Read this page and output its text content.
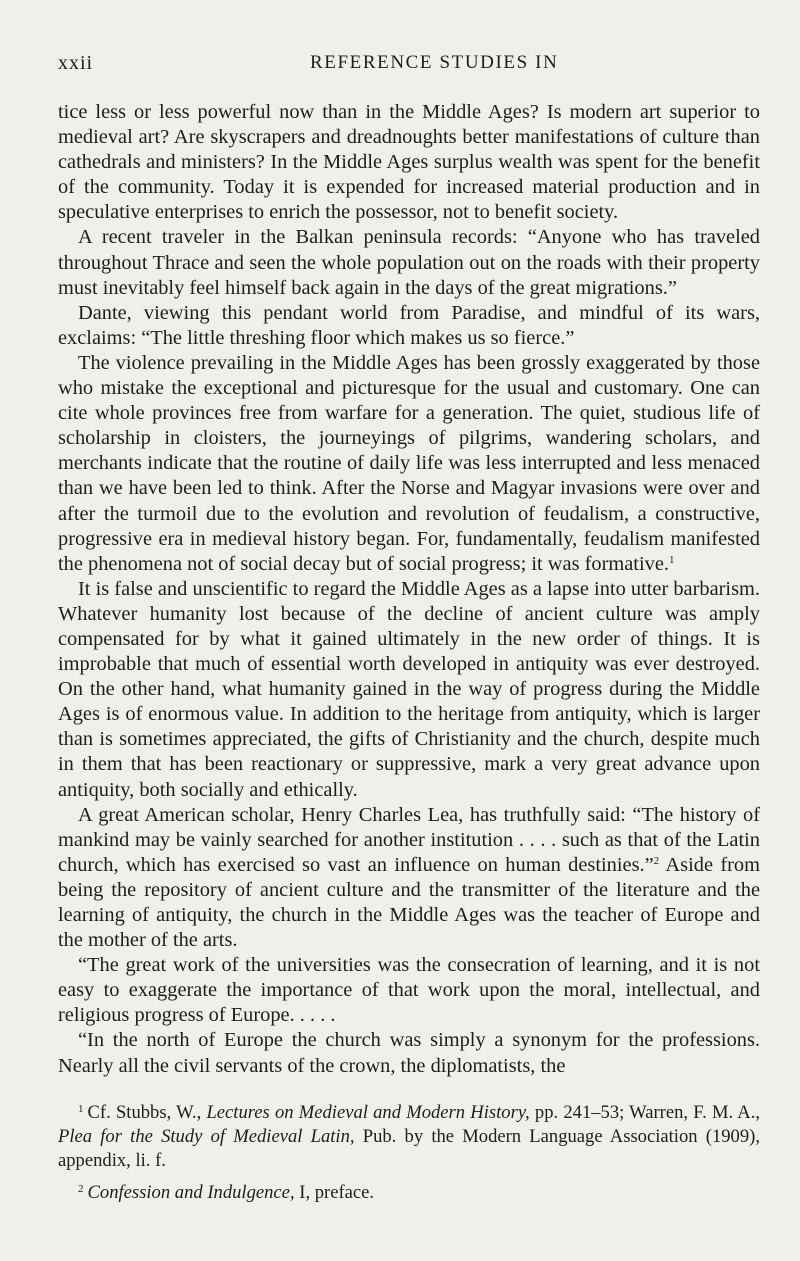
xxii	REFERENCE STUDIES IN

tice less or less powerful now than in the Middle Ages? Is modern art superior to medieval art? Are skyscrapers and dreadnoughts better manifestations of culture than cathedrals and ministers? In the Middle Ages surplus wealth was spent for the benefit of the community. Today it is expended for increased material production and in speculative enterprises to enrich the possessor, not to benefit society.

A recent traveler in the Balkan peninsula records: “Anyone who has traveled throughout Thrace and seen the whole population out on the roads with their property must inevitably feel himself back again in the days of the great migrations.”

Dante, viewing this pendant world from Paradise, and mindful of its wars, exclaims: “The little threshing floor which makes us so fierce.”

The violence prevailing in the Middle Ages has been grossly exaggerated by those who mistake the exceptional and picturesque for the usual and customary. One can cite whole provinces free from warfare for a generation. The quiet, studious life of scholarship in cloisters, the journeyings of pilgrims, wandering scholars, and merchants indicate that the routine of daily life was less interrupted and less menaced than we have been led to think. After the Norse and Magyar invasions were over and after the turmoil due to the evolution and revolution of feudalism, a constructive, progressive era in medieval history began. For, fundamentally, feudalism manifested the phenomena not of social decay but of social progress; it was formative.$^1$

It is false and unscientific to regard the Middle Ages as a lapse into utter barbarism. Whatever humanity lost because of the decline of ancient culture was amply compensated for by what it gained ultimately in the new order of things. It is improbable that much of essential worth developed in antiquity was ever destroyed. On the other hand, what humanity gained in the way of progress during the Middle Ages is of enormous value. In addition to the heritage from antiquity, which is larger than is sometimes appreciated, the gifts of Christianity and the church, despite much in them that has been reactionary or suppressive, mark a very great advance upon antiquity, both socially and ethically.

A great American scholar, Henry Charles Lea, has truthfully said: “The history of mankind may be vainly searched for another institution . . . . such as that of the Latin church, which has exercised so vast an influence on human destinies.”$^2$ Aside from being the repository of ancient culture and the transmitter of the literature and the learning of antiquity, the church in the Middle Ages was the teacher of Europe and the mother of the arts.

“The great work of the universities was the consecration of learning, and it is not easy to exaggerate the importance of that work upon the moral, intellectual, and religious progress of Europe. . . . .

“In the north of Europe the church was simply a synonym for the professions. Nearly all the civil servants of the crown, the diplomatists, the

$^1$ Cf. Stubbs, W., Lectures on Medieval and Modern History, pp. 241–53; Warren, F. M. A., Plea for the Study of Medieval Latin, Pub. by the Modern Language Association (1909), appendix, li. f.

$^2$ Confession and Indulgence, I, preface.
